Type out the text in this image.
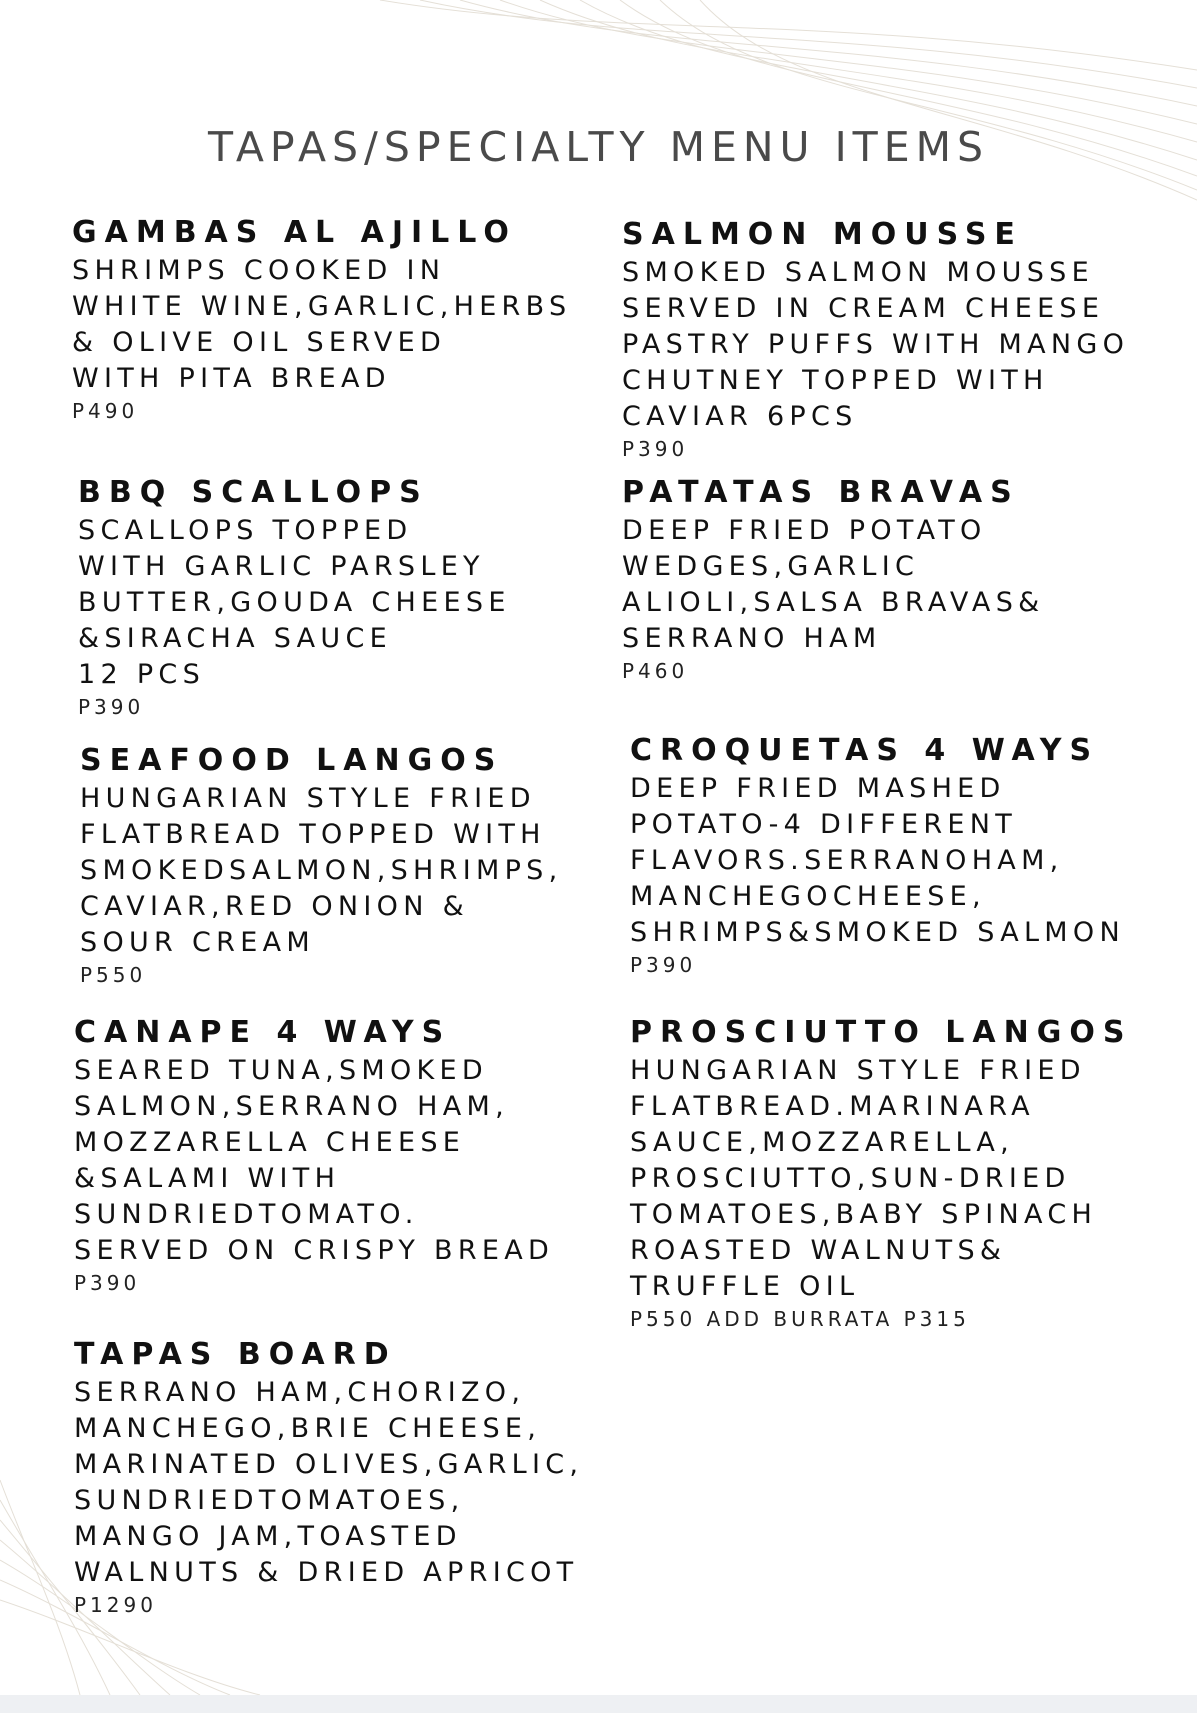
TAPAS/SPECIALTY MENU ITEMS
GAMBAS AL AJILLO
SHRIMPS COOKED IN
WHITE WINE,GARLIC,HERBS
& OLIVE OIL SERVED
WITH PITA BREAD
P490
SALMON MOUSSE
SMOKED SALMON MOUSSE
SERVED IN CREAM CHEESE
PASTRY PUFFS WITH MANGO
CHUTNEY TOPPED WITH
CAVIAR 6PCS
P390
BBQ SCALLOPS
SCALLOPS TOPPED
WITH GARLIC PARSLEY
BUTTER,GOUDA CHEESE
&SIRACHA SAUCE
12 PCS
P390
PATATAS BRAVAS
DEEP FRIED POTATO
WEDGES,GARLIC
ALIOLI,SALSA BRAVAS&
SERRANO HAM
P460
SEAFOOD LANGOS
HUNGARIAN STYLE FRIED
FLATBREAD TOPPED WITH
SMOKEDSALMON,SHRIMPS,
CAVIAR,RED ONION &
SOUR CREAM
P550
CROQUETAS 4 WAYS
DEEP FRIED MASHED
POTATO-4 DIFFERENT
FLAVORS.SERRANOHAM,
MANCHEGOCHEESE,
SHRIMPS&SMOKED SALMON
P390
CANAPE 4 WAYS
SEARED TUNA,SMOKED
SALMON,SERRANO HAM,
MOZZARELLA CHEESE
&SALAMI WITH
SUNDRIEDTOMATO.
SERVED ON CRISPY BREAD
P390
PROSCIUTTO LANGOS
HUNGARIAN STYLE FRIED
FLATBREAD.MARINARA
SAUCE,MOZZARELLA,
PROSCIUTTO,SUN-DRIED
TOMATOES,BABY SPINACH
ROASTED WALNUTS&
TRUFFLE OIL
P550 ADD BURRATA P315
TAPAS BOARD
SERRANO HAM,CHORIZO,
MANCHEGO,BRIE CHEESE,
MARINATED OLIVES,GARLIC,
SUNDRIEDTOMATOES,
MANGO JAM,TOASTED
WALNUTS & DRIED APRICOT
P1290
